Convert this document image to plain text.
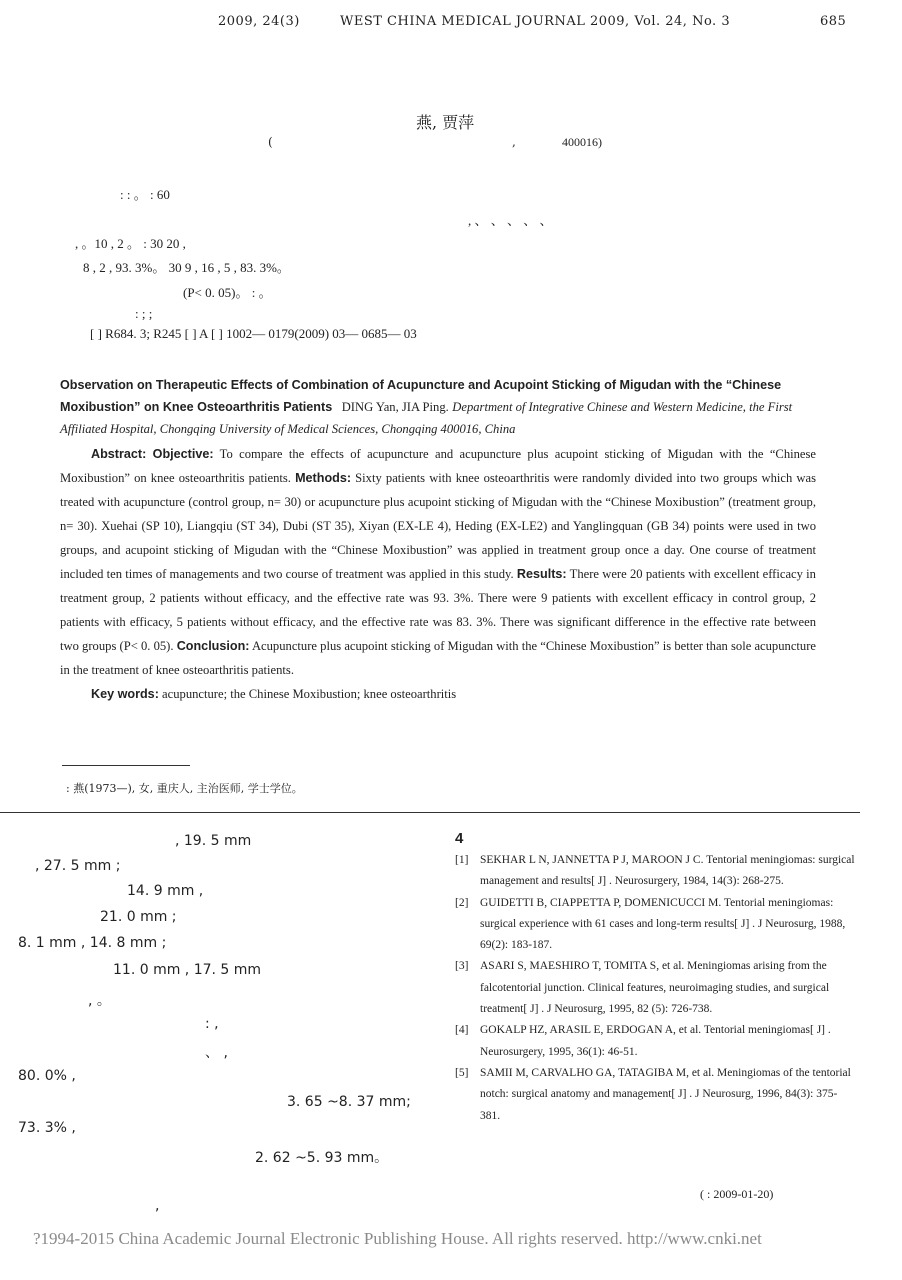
2009, 24(3)	WEST CHINA MEDICAL JOURNAL 2009, Vol. 24, No. 3	685
燕, 贾萍
(	,	400016)
: : 。 : 60
, 、 、 、 、 、
, 。10 , 2 。 : 30 20 ,
8 , 2 , 93. 3%。 30 9 , 16 , 5 , 83. 3%。
(P< 0. 05)。 : 。
: ; ;
[ ] R684. 3; R245 [ ] A [ ] 1002— 0179(2009) 03— 0685— 03
Observation on Therapeutic Effects of Combination of Acupuncture and Acupoint Sticking of Migudan with the “Chinese Moxibustion” on Knee Osteoarthritis Patients DING Yan, JIA Ping. Department of Integrative Chinese and Western Medicine, the First Affiliated Hospital, Chongqing University of Medical Sciences, Chongqing 400016, China

Abstract: Objective: To compare the effects of acupuncture and acupuncture plus acupoint sticking of Migudan with the “Chinese Moxibustion” on knee osteoarthritis patients. Methods: Sixty patients with knee osteoarthritis were randomly divided into two groups which was treated with acupuncture (control group, n= 30) or acupuncture plus acupoint sticking of Migudan with the “Chinese Moxibustion” (treatment group, n= 30). Xuehai (SP 10), Liangqiu (ST 34), Dubi (ST 35), Xiyan (EX-LE 4), Heding (EX-LE2) and Yanglingquan (GB 34) points were used in two groups, and acupoint sticking of Migudan with the “Chinese Moxibustion” was applied in treatment group once a day. One course of treatment included ten times of managements and two course of treatment was applied in this study. Results: There were 20 patients with excellent efficacy in treatment group, 2 patients without efficacy, and the effective rate was 93. 3%. There were 9 patients with excellent efficacy in control group, 2 patients with efficacy, 5 patients without efficacy, and the effective rate was 83. 3%. There was significant difference in the effective rate between two groups (P< 0. 05). Conclusion: Acupuncture plus acupoint sticking of Migudan with the “Chinese Moxibustion” is better than sole acupuncture in the treatment of knee osteoarthritis patients.

Key words: acupuncture; the Chinese Moxibustion; knee osteoarthritis

: 燕(1973—), 女, 重庆人, 主治医师, 学士学位。
, 19. 5 mm
, 27. 5 mm ;
14. 9 mm ,
21. 0 mm ;
8. 1 mm , 14. 8 mm ;
11. 0 mm , 17. 5 mm
, 。
: ,
、 ,
80. 0% ,
3. 65 ~8. 37 mm;
73. 3% ,
2. 62 ~5. 93 mm。
,
4
[1] SEKHAR L N, JANNETTA P J, MAROON J C. Tentorial meningiomas: surgical management and results[ J] . Neurosurgery, 1984, 14(3): 268-275.
[2] GUIDETTI B, CIAPPETTA P, DOMENICUCCI M. Tentorial meningiomas: surgical experience with 61 cases and long-term results[ J] . J Neurosurg, 1988, 69(2): 183-187.
[3] ASARI S, MAESHIRO T, TOMITA S, et al. Meningiomas arising from the falcotentorial junction. Clinical features, neuroimaging studies, and surgical treatment[ J] . J Neurosurg, 1995, 82 (5): 726-738.
[4] GOKALP HZ, ARASIL E, ERDOGAN A, et al. Tentorial meningiomas[ J] . Neurosurgery, 1995, 36(1): 46-51.
[5] SAMII M, CARVALHO GA, TATAGIBA M, et al. Meningiomas of the tentorial notch: surgical anatomy and management[ J] . J Neurosurg, 1996, 84(3): 375-381.
( : 2009-01-20)
?1994-2015 China Academic Journal Electronic Publishing House. All rights reserved. http://www.cnki.net
